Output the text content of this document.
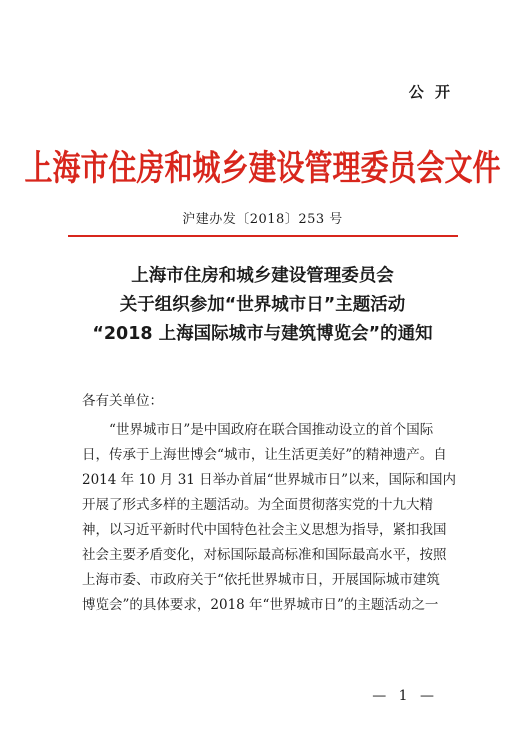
公 开
上海市住房和城乡建设管理委员会文件
沪建办发〔2018〕253 号
上海市住房和城乡建设管理委员会
关于组织参加“世界城市日”主题活动
“2018 上海国际城市与建筑博览会”的通知
各有关单位：
“世界城市日”是中国政府在联合国推动设立的首个国际
日，传承于上海世博会“城市，让生活更美好”的精神遗产。自
2014 年 10 月 31 日举办首届“世界城市日”以来，国际和国内
开展了形式多样的主题活动。为全面贯彻落实党的十九大精
神，以习近平新时代中国特色社会主义思想为指导，紧扣我国
社会主要矛盾变化，对标国际最高标准和国际最高水平，按照
上海市委、市政府关于“依托世界城市日，开展国际城市建筑
博览会”的具体要求，2018 年“世界城市日”的主题活动之一
— 1 —
